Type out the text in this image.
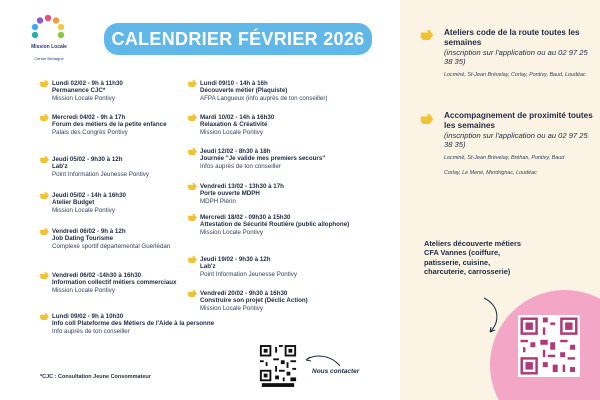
Mission Locale
Centre Bretagne
CALENDRIER FÉVRIER 2026
Lundi 02/02 - 9h à 11h30
Permanence CJC*
Mission Locale Pontivy
Mercredi 04/02 - 9h à 17h
Forum des métiers de la petite enfance
Palais des Congrès Pontivy
Jeudi 05/02 - 9h30 à 12h
Lab'z
Point Information Jeunesse Pontivy
Jeudi 05/02 - 14h à 16h30
Atelier Budget
Mission Locale Pontivy
Vendredi 06/02 - 9h à 12h
Job Dating Tourisme
Complexe sportif départemental Guerlédan
Vendredi 06/02 -14h30 à 16h30
Information collectif métiers commerciaux
Mission Locale Pontivy
Lundi 09/02 - 9h à 10h30
Info coll Plateforme des Métiers de l'Aide à la personne
Info auprès de ton conseiller
Lundi 09/10 - 14h à 16h
Découverte métier (Plaquiste)
AFPA Langueux (info auprès de ton conseiller)
Mardi 10/02 - 14h à 16h30
Relaxation & Créativité
Mission Locale Pontivy
Jeudi 12/02 - 8h30 à 18h
Journée "Je valide mes premiers secours"
Infos auprès de ton conseiller
Vendredi 13/02 - 13h30 à 17h
Porte ouverte MDPH
MDPH Plérin
Mercredi 18/02 - 09h30 à 15h30
Attestation de Sécurité Routière (public allophone)
Mission Locale Pontivy
Jeudi 19/02 - 9h30 à 12h
Lab'z
Point Information Jeunesse Pontivy
Vendredi 20/02 - 9h30 à 16h30
Construire son projet (Déclic Action)
Mission Locale Pontivy
*CJC : Consultation Jeune Consommateur
Nous contacter
Ateliers code de la route toutes les semaines
(inscription sur l'application ou au 02 97 25 38 35)
Locminé, St-Jean Brévelay, Corlay, Pontivy, Baud, Loudéac
Accompagnement de proximité toutes les semaines
(inscription sur l'application ou au 02 97 25 38 35)
Locminé, St-Jean Brévelay, Bréhan, Pontivy, Baud
Corlay, Le Mené, Merdrignac, Loudéac
Ateliers découverte métiers CFA Vannes (coiffure, patisserie, cuisine, charcuterie, carrosserie)
